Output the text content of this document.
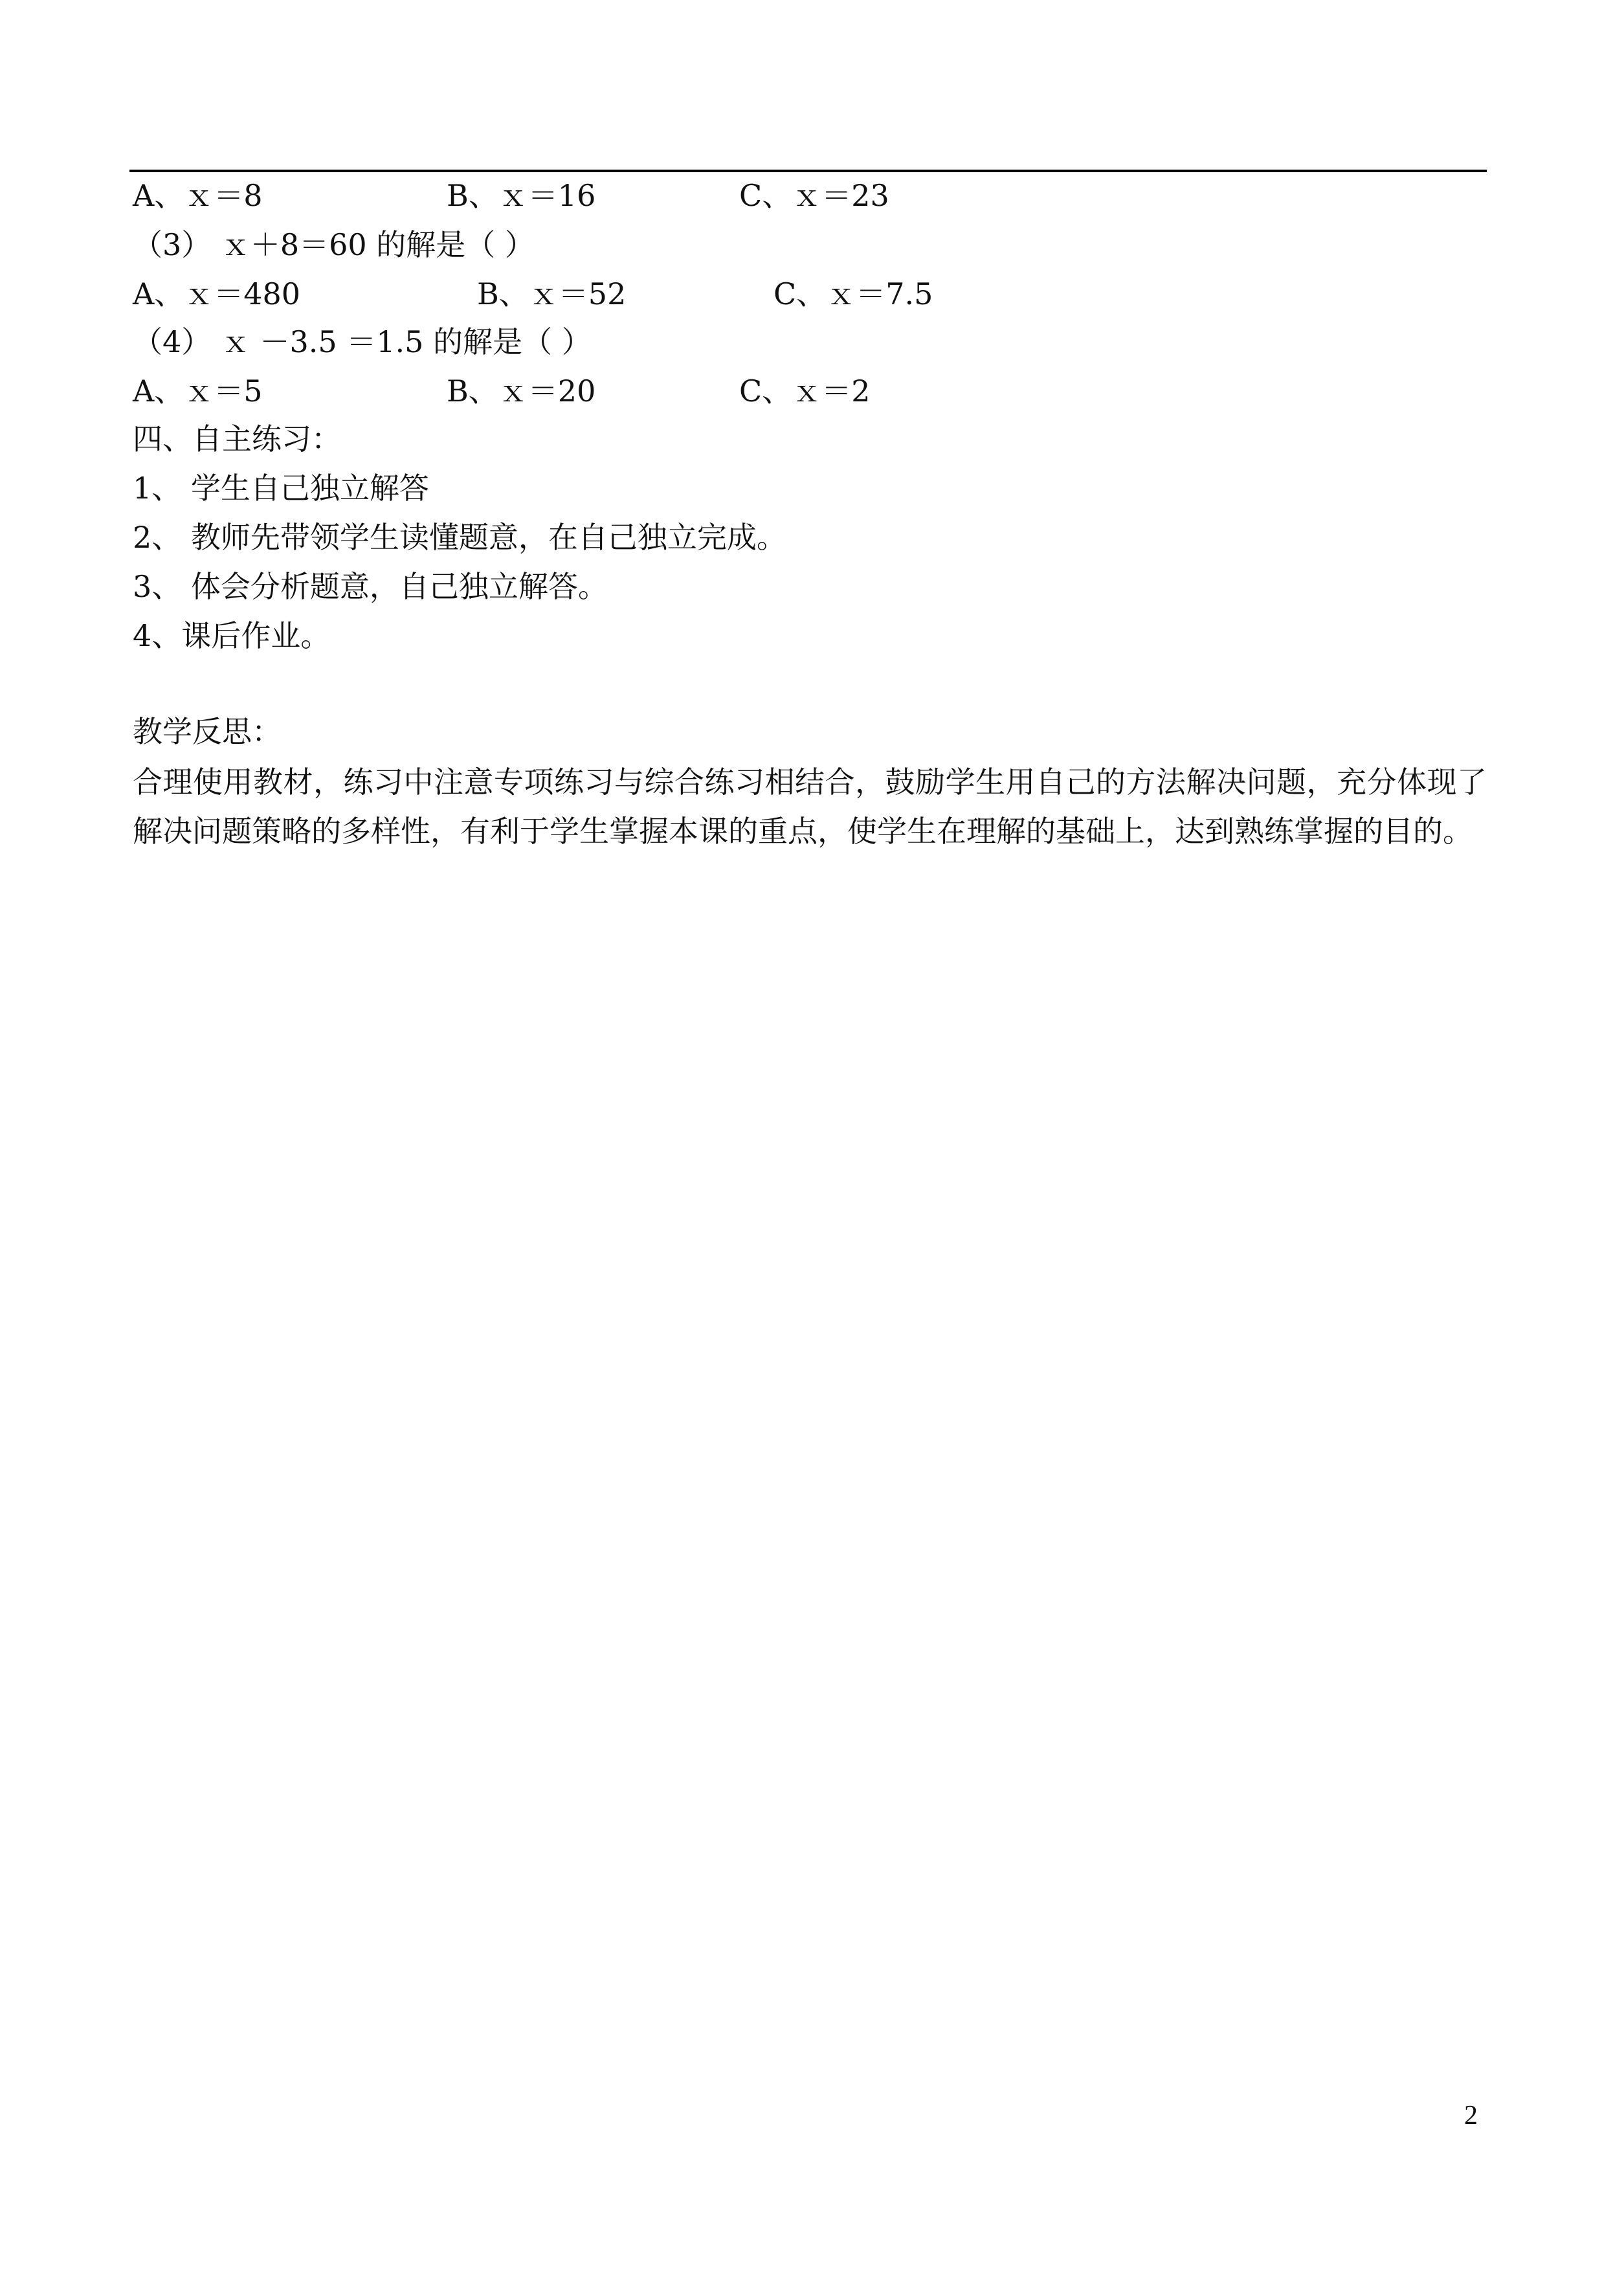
A、ｘ＝8	B、ｘ＝16	C、ｘ＝23
（3） ｘ＋8＝60 的解是（ ）
A、ｘ＝480	B、ｘ＝52	C、ｘ＝7.5
（4） ｘ －3.5 ＝1.5 的解是（ ）
A、ｘ＝5	B、ｘ＝20	C、ｘ＝2
四、自主练习：
1、 学生自己独立解答
2、 教师先带领学生读懂题意，在自己独立完成。
3、 体会分析题意，自己独立解答。
4、课后作业。
教学反思：
合理使用教材，练习中注意专项练习与综合练习相结合，鼓励学生用自己的方法解决问题，充分体现了解决问题策略的多样性，有利于学生掌握本课的重点，使学生在理解的基础上，达到熟练掌握的目的。
2
